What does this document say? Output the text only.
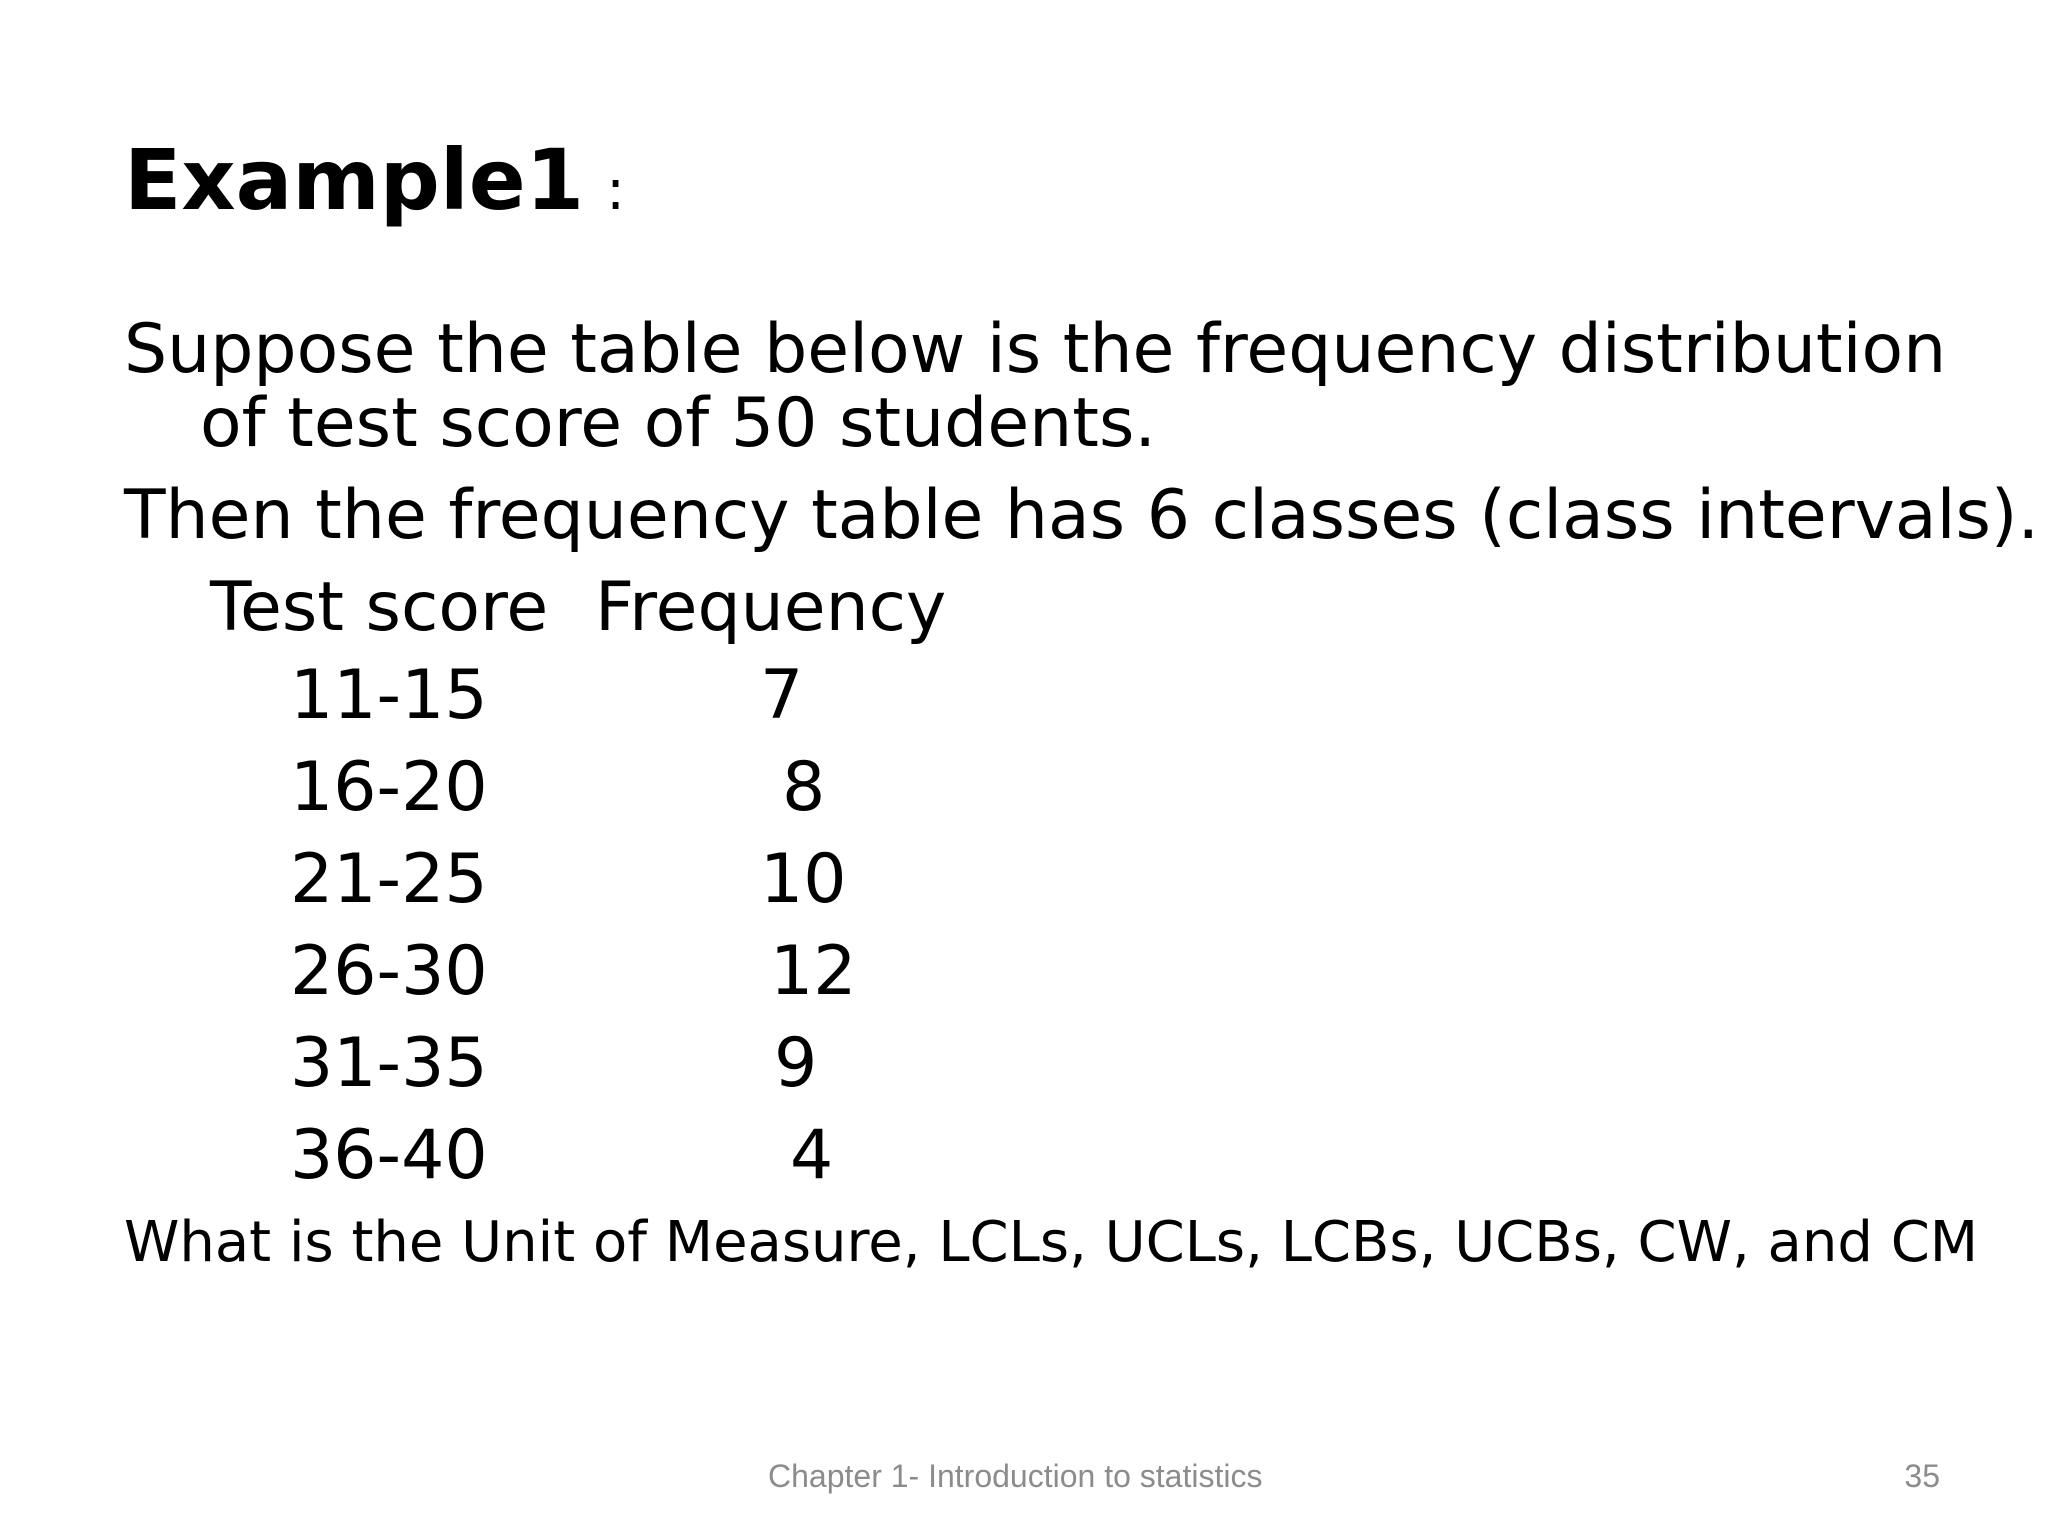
Example1 :
Suppose the table below is the frequency distribution
of test score of 50 students.
Then the frequency table has 6 classes (class intervals).
Test score Frequency
11-15	7
16-20	8
21-25	10
26-30	12
31-35	9
36-40	4
What is the Unit of Measure, LCLs, UCLs, LCBs, UCBs, CW, and CM
Chapter 1- Introduction to statistics	35
